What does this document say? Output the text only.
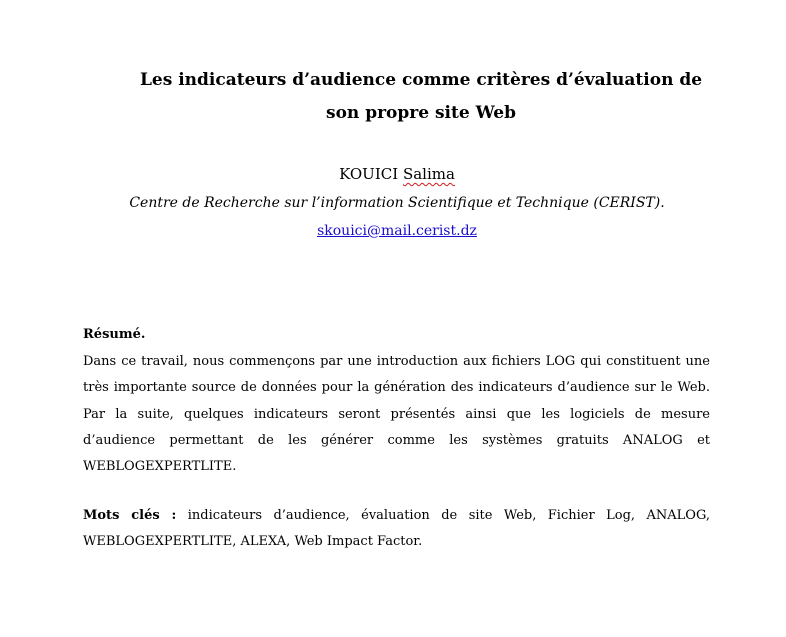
Les indicateurs d’audience comme critères d’évaluation de
son propre site Web
KOUICI Salima
Centre de Recherche sur l’information Scientifique et Technique (CERIST).
skouici@mail.cerist.dz
Résumé.

Dans ce travail, nous commençons par une introduction aux fichiers LOG qui constituent une très importante source de données pour la génération des indicateurs d’audience sur le Web. Par la suite, quelques indicateurs seront présentés ainsi que les logiciels de mesure d’audience permettant de les générer comme les systèmes gratuits ANALOG et WEBLOGEXPERTLITE.

Mots clés : indicateurs d’audience, évaluation de site Web, Fichier Log, ANALOG, WEBLOGEXPERTLITE, ALEXA, Web Impact Factor.
